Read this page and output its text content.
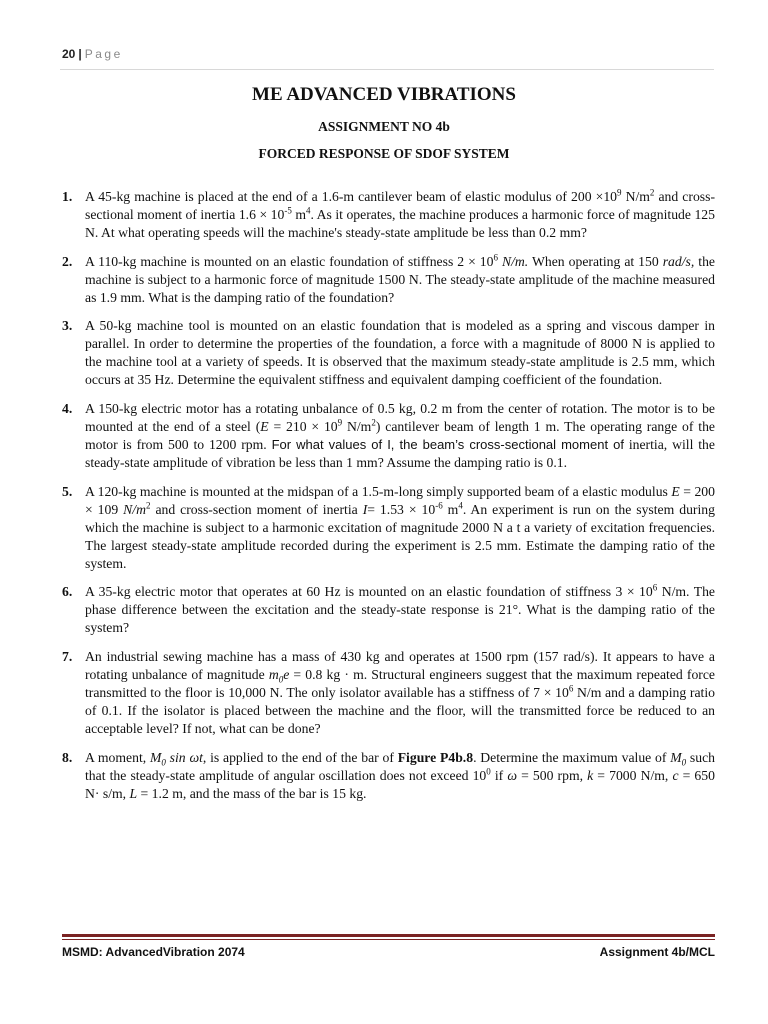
20 | Page
ME ADVANCED VIBRATIONS
ASSIGNMENT NO 4b
FORCED RESPONSE OF SDOF SYSTEM
1. A 45-kg machine is placed at the end of a 1.6-m cantilever beam of elastic modulus of $200 \times 10^9$ $N/m^2$ and cross-sectional moment of inertia $1.6 \times 10^{-5}$ $m^4$. As it operates, the machine produces a harmonic force of magnitude 125 N. At what operating speeds will the machine's steady-state amplitude be less than 0.2 mm?
2. A 110-kg machine is mounted on an elastic foundation of stiffness $2 \times 10^6$ N/m. When operating at 150 rad/s, the machine is subject to a harmonic force of magnitude 1500 N. The steady-state amplitude of the machine measured as 1.9 mm. What is the damping ratio of the foundation?
3. A 50-kg machine tool is mounted on an elastic foundation that is modeled as a spring and viscous damper in parallel. In order to determine the properties of the foundation, a force with a magnitude of 8000 N is applied to the machine tool at a variety of speeds. It is observed that the maximum steady-state amplitude is 2.5 mm, which occurs at 35 Hz. Determine the equivalent stiffness and equivalent damping coefficient of the foundation.
4. A 150-kg electric motor has a rotating unbalance of 0.5 kg, 0.2 m from the center of rotation. The motor is to be mounted at the end of a steel ($E = 210 \times 10^9$ $N/m^2$) cantilever beam of length 1 m. The operating range of the motor is from 500 to 1200 rpm. For what values of I, the beam’s cross-sectional moment of inertia, will the steady-state amplitude of vibration be less than 1 mm? Assume the damping ratio is 0.1.
5. A 120-kg machine is mounted at the midspan of a 1.5-m-long simply supported beam of a elastic modulus E = 200 × 109 $N/m^2$ and cross-section moment of inertia $I= 1.53 \times 10^{-6}$ $m^4$. An experiment is run on the system during which the machine is subject to a harmonic excitation of magnitude 2000 N a t a variety of excitation frequencies. The largest steady-state amplitude recorded during the experiment is 2.5 mm. Estimate the damping ratio of the system.
6. A 35-kg electric motor that operates at 60 Hz is mounted on an elastic foundation of stiffness $3 \times 10^6$ N/m. The phase difference between the excitation and the steady-state response is 21°. What is the damping ratio of the system?
7. An industrial sewing machine has a mass of 430 kg and operates at 1500 rpm (157 rad/s). It appears to have a rotating unbalance of magnitude $m_0e = 0.8$ kg · m. Structural engineers suggest that the maximum repeated force transmitted to the floor is 10,000 N. The only isolator available has a stiffness of $7 \times 10^6$ N/m and a damping ratio of 0.1. If the isolator is placed between the machine and the floor, will the transmitted force be reduced to an acceptable level? If not, what can be done?
8. A moment, $M_0$ sin ωt, is applied to the end of the bar of Figure P4b.8. Determine the maximum value of $M_0$ such that the steady-state amplitude of angular oscillation does not exceed $10^0$ if ω = 500 rpm, k = 7000 N/m, c = 650 N· s/m, L = 1.2 m, and the mass of the bar is 15 kg.
MSMD: AdvancedVibration 2074	Assignment 4b/MCL
